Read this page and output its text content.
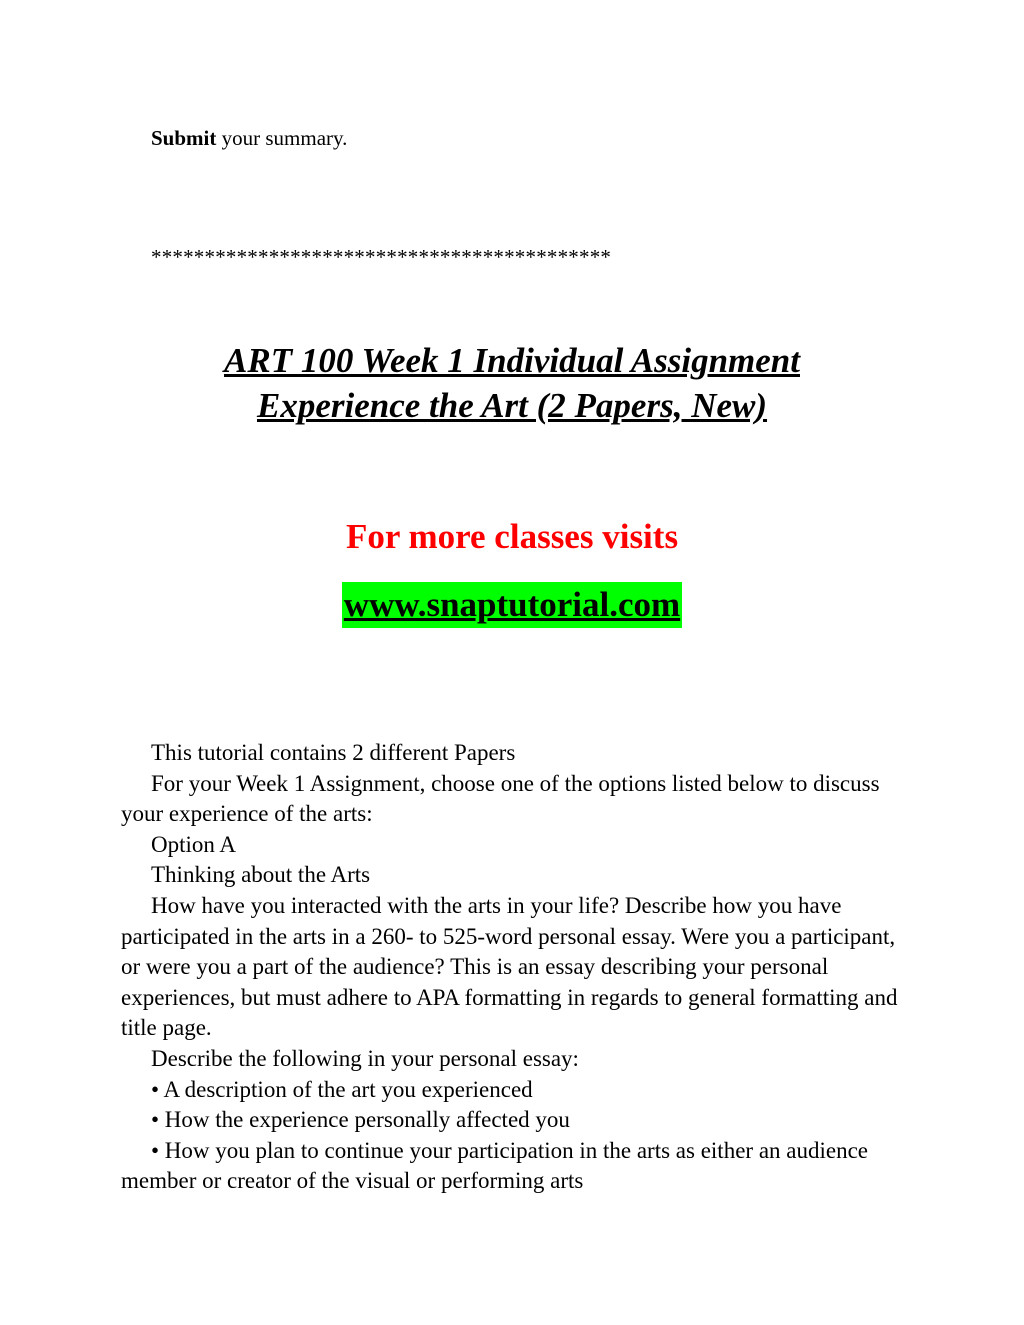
Submit your summary.
*******************************************
ART 100 Week 1 Individual Assignment
Experience the Art (2 Papers, New)
For more classes visits
www.snaptutorial.com

This tutorial contains 2 different Papers

For your Week 1 Assignment, choose one of the options listed below to discuss your experience of the arts:

Option A

Thinking about the Arts

How have you interacted with the arts in your life? Describe how you have participated in the arts in a 260- to 525-word personal essay. Were you a participant, or were you a part of the audience? This is an essay describing your personal experiences, but must adhere to APA formatting in regards to general formatting and title page.

Describe the following in your personal essay:

• A description of the art you experienced

• How the experience personally affected you

• How you plan to continue your participation in the arts as either an audience member or creator of the visual or performing arts
